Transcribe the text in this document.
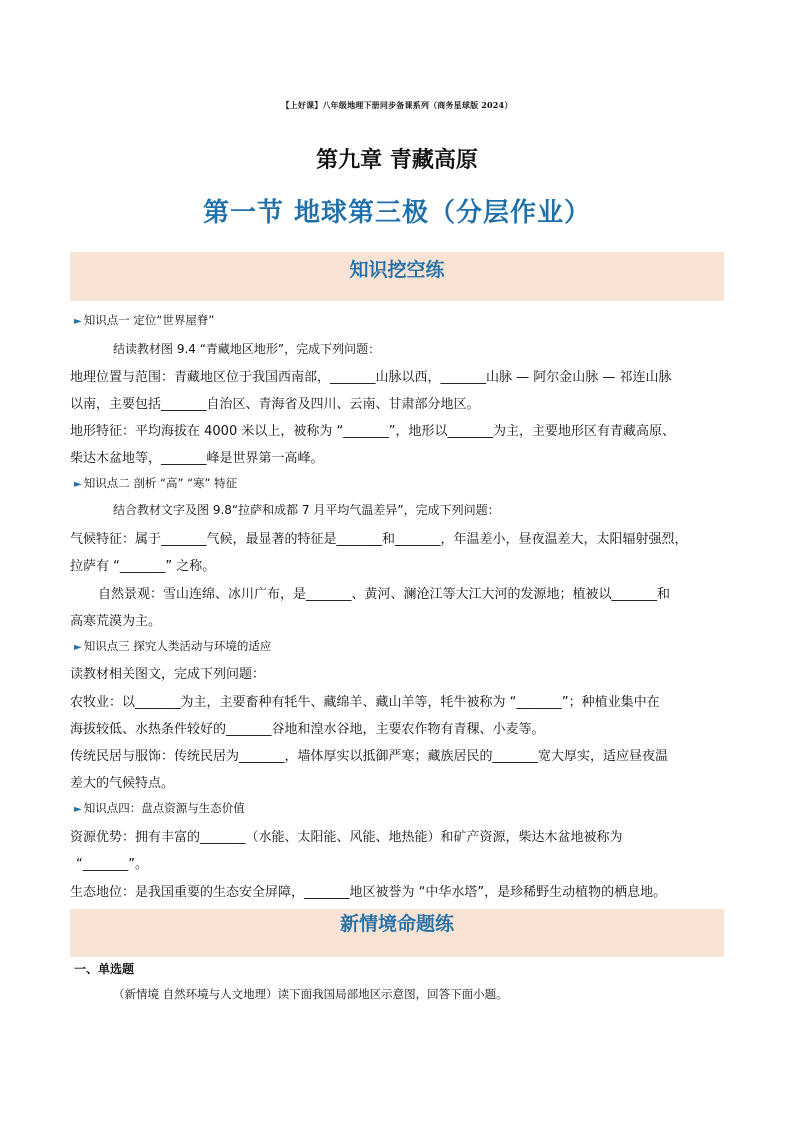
【上好课】八年级地理下册同步备课系列（商务星球版 2024）
第九章 青藏高原
第一节 地球第三极（分层作业）
知识挖空练
► 知识点一 定位“世界屋脊”
结读教材图 9.4 “青藏地区地形”，完成下列问题：
地理位置与范围：青藏地区位于我国西南部，_______山脉以西，_______山脉 — 阿尔金山脉 — 祁连山脉
以南，主要包括_______自治区、青海省及四川、云南、甘肃部分地区。
地形特征：平均海拔在 4000 米以上，被称为 “_______”，地形以_______为主，主要地形区有青藏高原、
柴达木盆地等，_______峰是世界第一高峰。
► 知识点二 剖析 “高” “寒” 特征
结合教材文字及图 9.8“拉萨和成都 7 月平均气温差异”，完成下列问题：
气候特征：属于_______气候，最显著的特征是_______和_______，年温差小，昼夜温差大，太阳辐射强烈，
拉萨有 “_______” 之称。
自然景观：雪山连绵、冰川广布，是_______、黄河、澜沧江等大江大河的发源地；植被以_______和
高寒荒漠为主。
► 知识点三 探究人类活动与环境的适应
读教材相关图文，完成下列问题：
农牧业：以_______为主，主要畜种有牦牛、藏绵羊、藏山羊等，牦牛被称为 “_______”；种植业集中在
海拔较低、水热条件较好的_______谷地和湟水谷地，主要农作物有青稞、小麦等。
传统民居与服饰：传统民居为_______，墙体厚实以抵御严寒；藏族居民的_______宽大厚实，适应昼夜温
差大的气候特点。
► 知识点四：盘点资源与生态价值
资源优势：拥有丰富的_______（水能、太阳能、风能、地热能）和矿产资源，柴达木盆地被称为
“_______”。
生态地位：是我国重要的生态安全屏障，_______地区被誉为 “中华水塔”，是珍稀野生动植物的栖息地。
新情境命题练
一、单选题
（新情境 自然环境与人文地理）读下面我国局部地区示意图，回答下面小题。
